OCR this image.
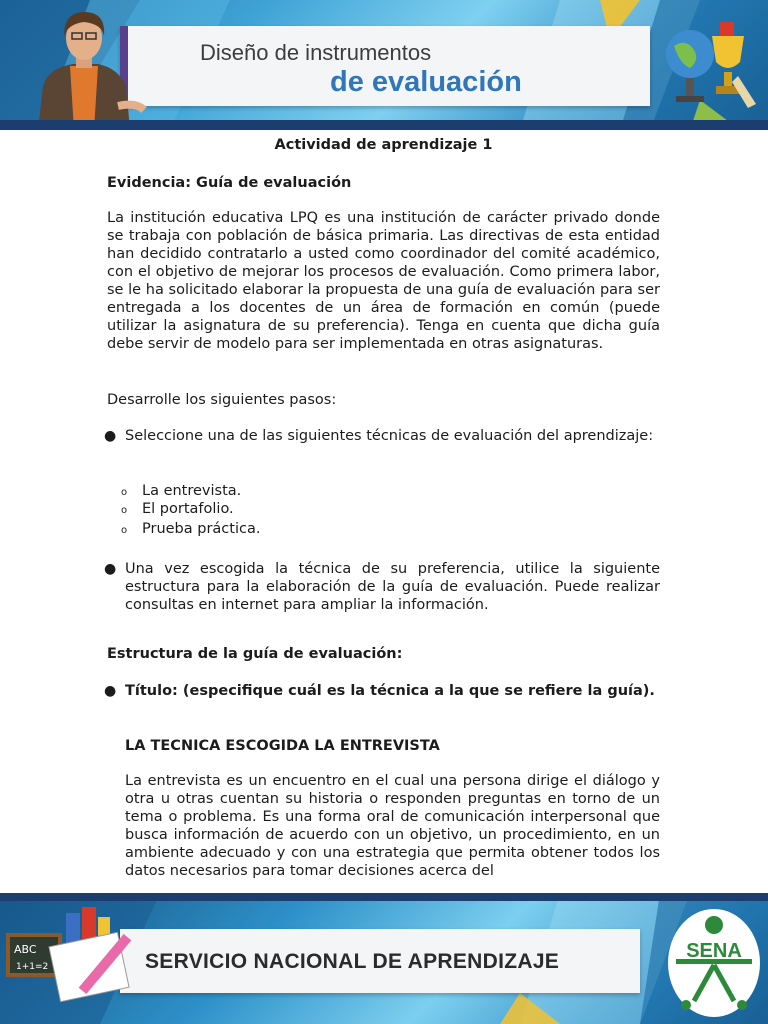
Diseño de instrumentos
de evaluación
Actividad de aprendizaje 1
Evidencia: Guía de evaluación

La institución educativa LPQ es una institución de carácter privado donde se trabaja con población de básica primaria. Las directivas de esta entidad han decidido contratarlo a usted como coordinador del comité académico, con el objetivo de mejorar los procesos de evaluación. Como primera labor, se le ha solicitado elaborar la propuesta de una guía de evaluación para ser entregada a los docentes de un área de formación en común (puede utilizar la asignatura de su preferencia). Tenga en cuenta que dicha guía debe servir de modelo para ser implementada en otras asignaturas.

Desarrolle los siguientes pasos:
● Seleccione una de las siguientes técnicas de evaluación del aprendizaje:
o La entrevista.
o El portafolio.
o Prueba práctica.
● Una vez escogida la técnica de su preferencia, utilice la siguiente estructura para la elaboración de la guía de evaluación. Puede realizar consultas en internet para ampliar la información.
Estructura de la guía de evaluación:
● Título: (especifique cuál es la técnica a la que se refiere la guía).
LA TECNICA ESCOGIDA LA ENTREVISTA

La entrevista es un encuentro en el cual una persona dirige el diálogo y otra u otras cuentan su historia o responden preguntas en torno de un tema o problema. Es una forma oral de comunicación interpersonal que busca información de acuerdo con un objetivo, un procedimiento, en un ambiente adecuado y con una estrategia que permita obtener todos los datos necesarios para tomar decisiones acerca del

SERVICIO NACIONAL DE APRENDIZAJE
ABC
1+1=2
SENA
